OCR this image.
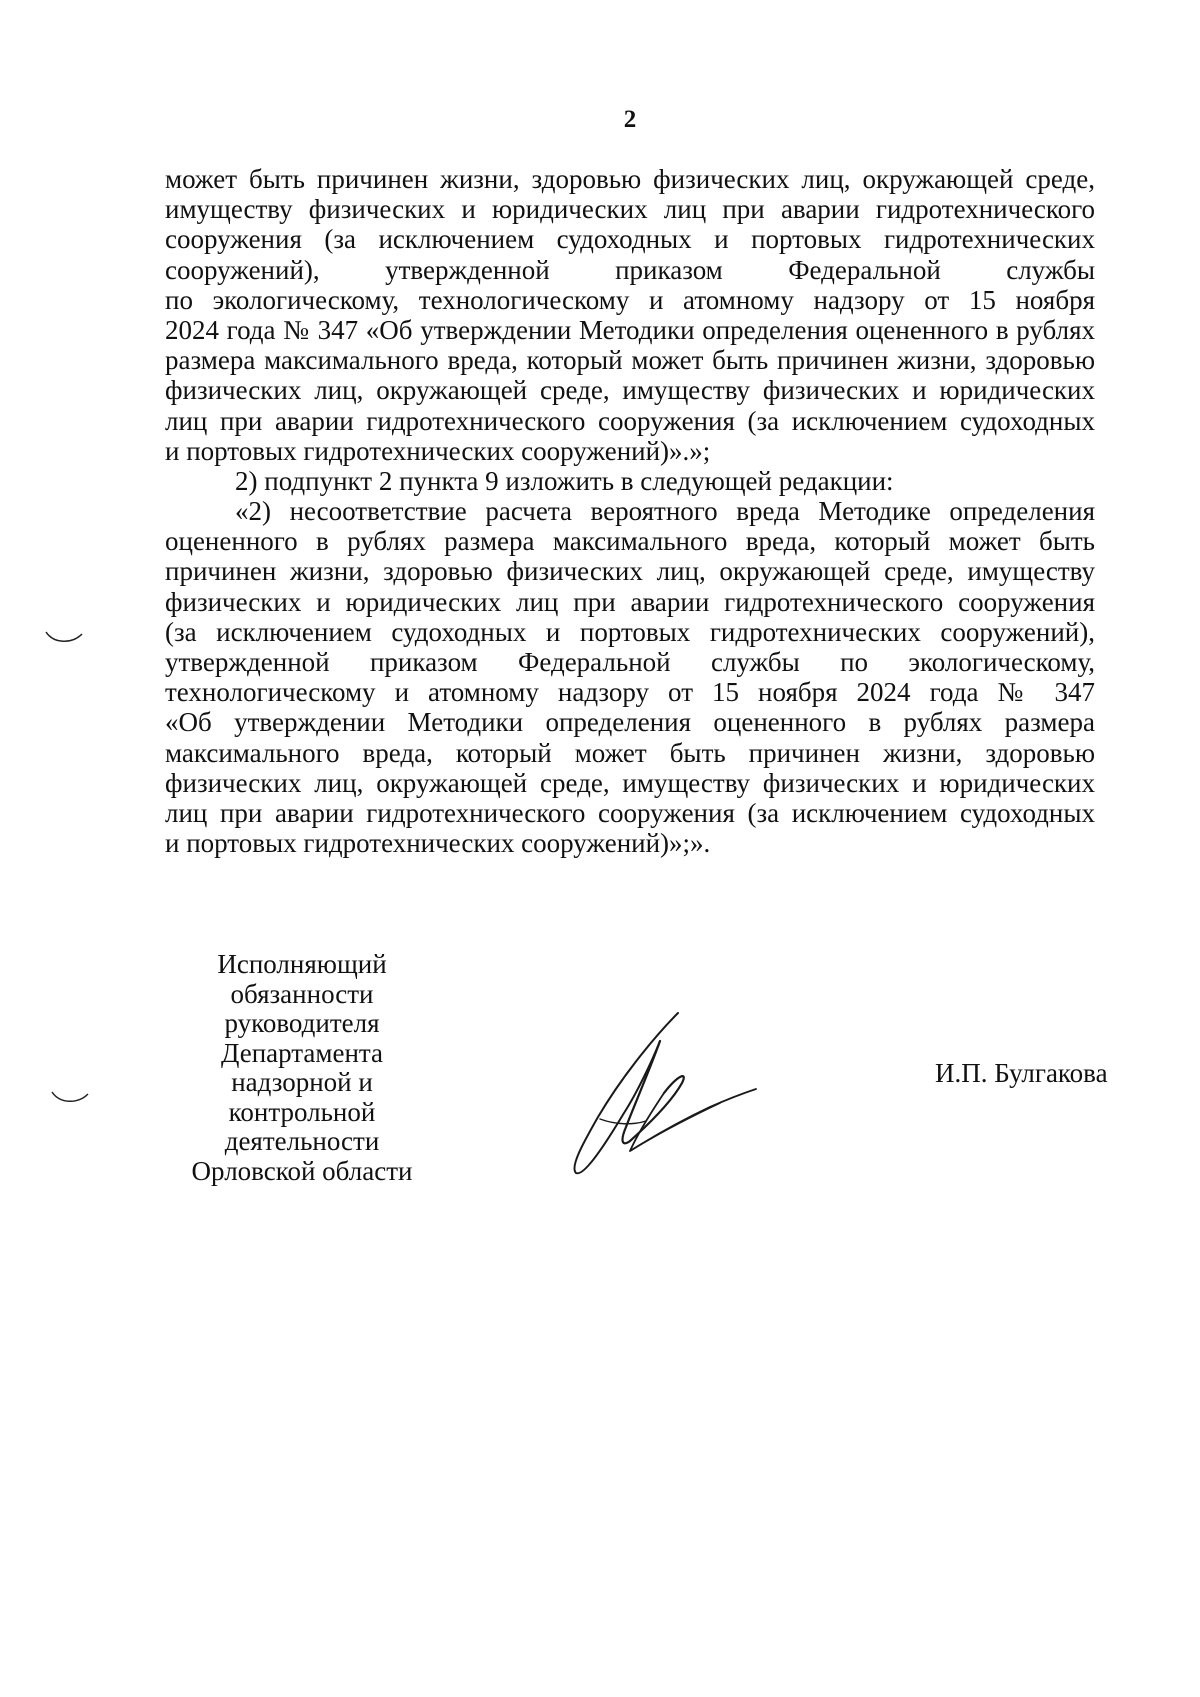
2
может быть причинен жизни, здоровью физических лиц, окружающей среде,
имуществу физических и юридических лиц при аварии гидротехнического
сооружения (за исключением судоходных и портовых гидротехнических
сооружений), утвержденной приказом Федеральной службы
по экологическому, технологическому и атомному надзору от 15 ноября
2024 года № 347 «Об утверждении Методики определения оцененного в рублях
размера максимального вреда, который может быть причинен жизни, здоровью
физических лиц, окружающей среде, имуществу физических и юридических
лиц при аварии гидротехнического сооружения (за исключением судоходных
и портовых гидротехнических сооружений)».»;
2) подпункт 2 пункта 9 изложить в следующей редакции:
«2) несоответствие расчета вероятного вреда Методике определения
оцененного в рублях размера максимального вреда, который может быть
причинен жизни, здоровью физических лиц, окружающей среде, имуществу
физических и юридических лиц при аварии гидротехнического сооружения
(за исключением судоходных и портовых гидротехнических сооружений),
утвержденной приказом Федеральной службы по экологическому,
технологическому и атомному надзору от 15 ноября 2024 года № 347
«Об утверждении Методики определения оцененного в рублях размера
максимального вреда, который может быть причинен жизни, здоровью
физических лиц, окружающей среде, имуществу физических и юридических
лиц при аварии гидротехнического сооружения (за исключением судоходных
и портовых гидротехнических сооружений)»;».
Исполняющий
обязанности
руководителя
Департамента
надзорной и
контрольной
деятельности
Орловской области
И.П. Булгакова
